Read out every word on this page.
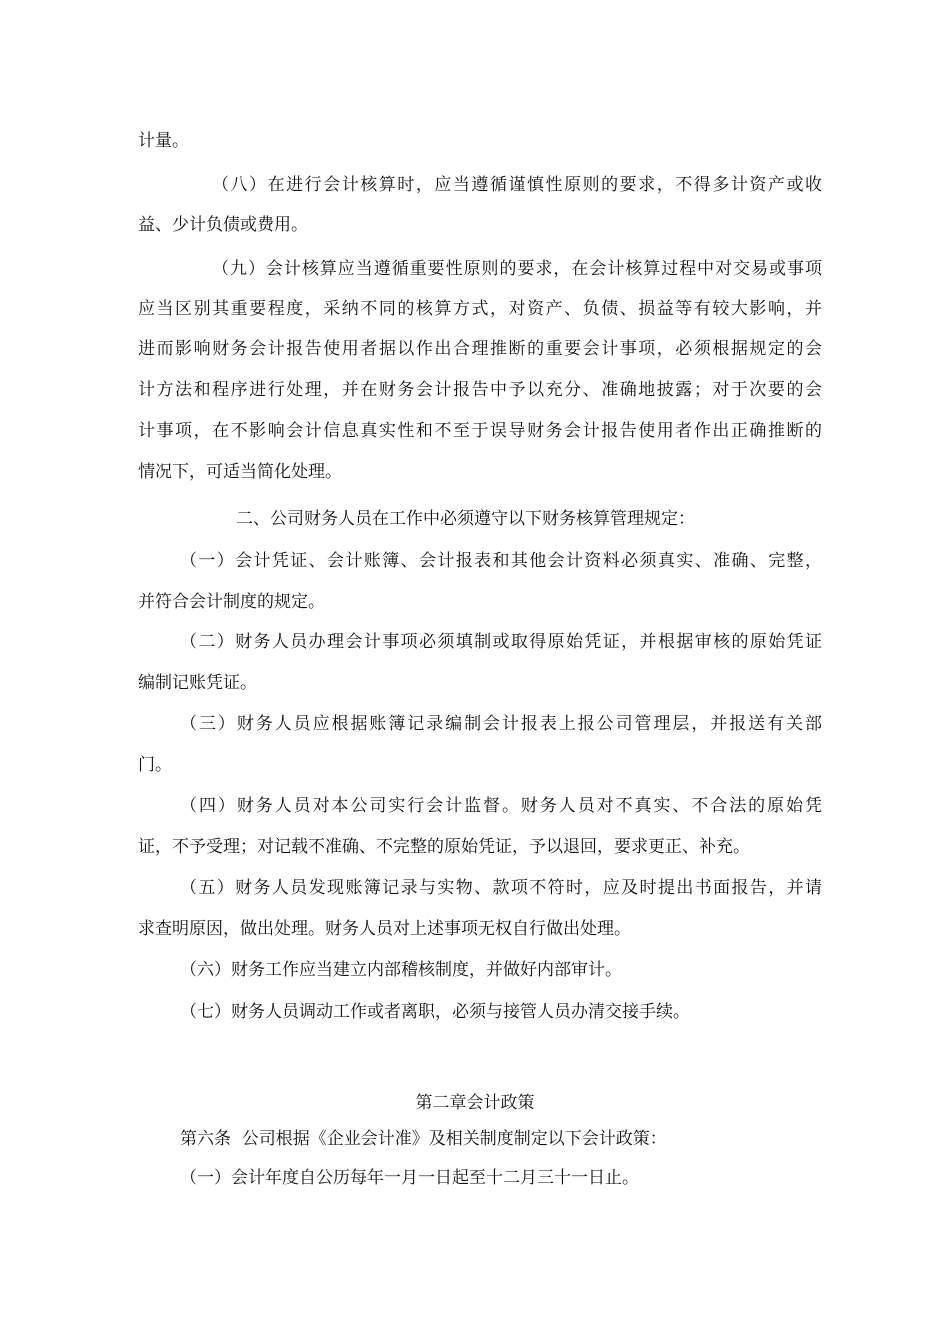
计量。
（八）在进行会计核算时，应当遵循谨慎性原则的要求，不得多计资产或收
益、少计负债或费用。
（九）会计核算应当遵循重要性原则的要求，在会计核算过程中对交易或事项
应当区别其重要程度，采纳不同的核算方式，对资产、负债、损益等有较大影响，并
进而影响财务会计报告使用者据以作出合理推断的重要会计事项，必须根据规定的会
计方法和程序进行处理，并在财务会计报告中予以充分、准确地披露；对于次要的会
计事项，在不影响会计信息真实性和不至于误导财务会计报告使用者作出正确推断的
情况下，可适当简化处理。
二、公司财务人员在工作中必须遵守以下财务核算管理规定：
（一）会计凭证、会计账簿、会计报表和其他会计资料必须真实、准确、完整，
并符合会计制度的规定。
（二）财务人员办理会计事项必须填制或取得原始凭证，并根据审核的原始凭证
编制记账凭证。
（三）财务人员应根据账簿记录编制会计报表上报公司管理层，并报送有关部
门。
（四）财务人员对本公司实行会计监督。财务人员对不真实、不合法的原始凭
证，不予受理；对记载不准确、不完整的原始凭证，予以退回，要求更正、补充。
（五）财务人员发现账簿记录与实物、款项不符时，应及时提出书面报告，并请
求查明原因，做出处理。财务人员对上述事项无权自行做出处理。
（六）财务工作应当建立内部稽核制度，并做好内部审计。
（七）财务人员调动工作或者离职，必须与接管人员办清交接手续。
第二章会计政策
第六条  公司根据《企业会计准》及相关制度制定以下会计政策：
（一）会计年度自公历每年一月一日起至十二月三十一日止。
